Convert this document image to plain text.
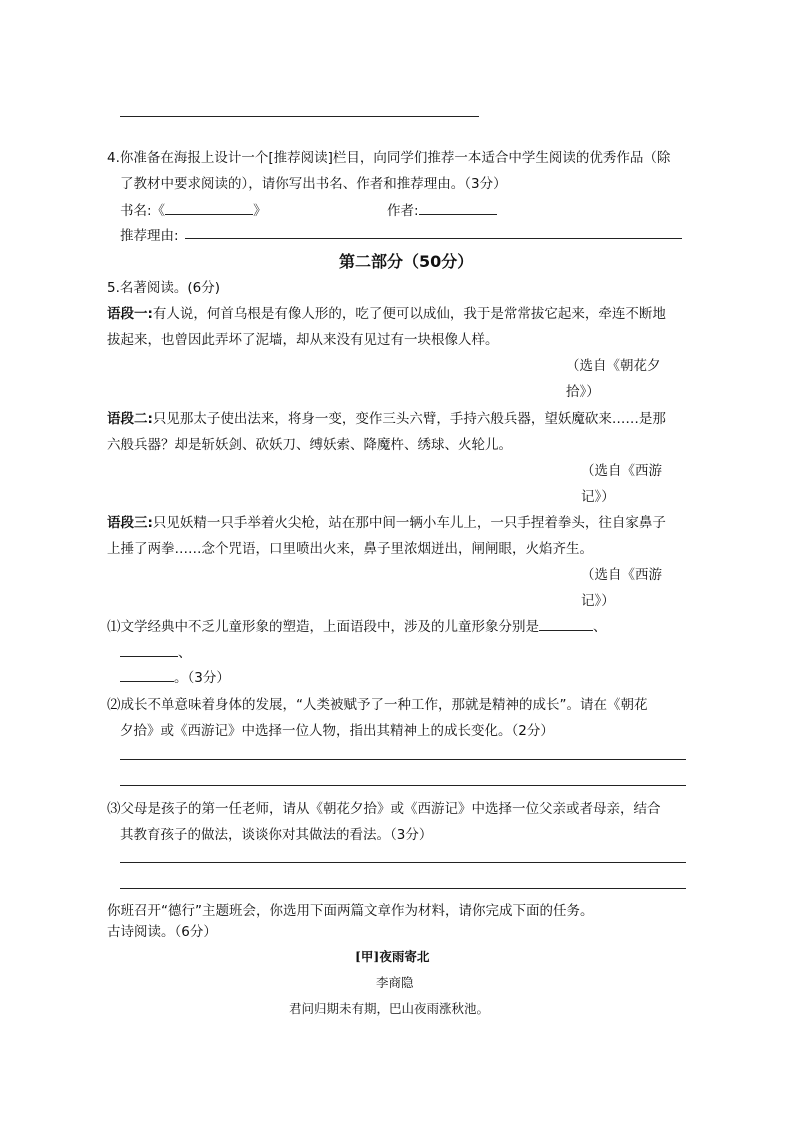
4.你准备在海报上设计一个[推荐阅读]栏目，向同学们推荐一本适合中学生阅读的优秀作品（除
了教材中要求阅读的），请你写出书名、作者和推荐理由。（3分）
书名:《	》	作者:
推荐理由:
第二部分（50分）
5.名著阅读。(6分)
语段一:有人说，何首乌根是有像人形的，吃了便可以成仙，我于是常常拔它起来，牵连不断地
拔起来，也曾因此弄坏了泥墙，却从来没有见过有一块根像人样。
（选自《朝花夕
拾》）
语段二:只见那太子使出法来，将身一变，变作三头六臂，手持六般兵器，望妖魔砍来……是那
六般兵器？却是斩妖剑、砍妖刀、缚妖索、降魔杵、绣球、火轮儿。
（选自《西游
记》）
语段三:只见妖精一只手举着火尖枪，站在那中间一辆小车儿上，一只手捏着拳头，往自家鼻子
上捶了两拳……念个咒语，口里喷出火来，鼻子里浓烟迸出，闸闸眼，火焰齐生。
（选自《西游
记》）
⑴文学经典中不乏儿童形象的塑造，上面语段中，涉及的儿童形象分别是	、
、
。（3分）
⑵成长不单意味着身体的发展，“人类被赋予了一种工作，那就是精神的成长”。请在《朝花
夕拾》或《西游记》中选择一位人物，指出其精神上的成长变化。（2分）
⑶父母是孩子的第一任老师，请从《朝花夕拾》或《西游记》中选择一位父亲或者母亲，结合
其教育孩子的做法，谈谈你对其做法的看法。（3分）
你班召开“德行”主题班会，你选用下面两篇文章作为材料，请你完成下面的任务。
古诗阅读。（6分）
[甲]夜雨寄北
李商隐
君问归期未有期，巴山夜雨涨秋池。
